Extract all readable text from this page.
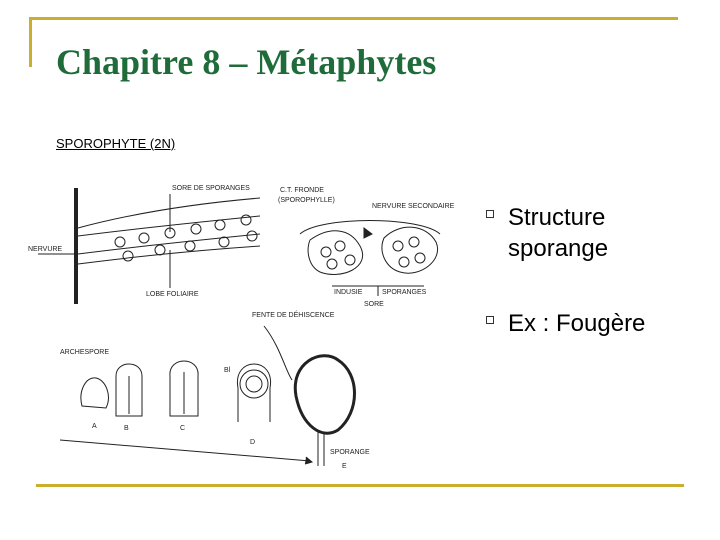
Chapitre 8 – Métaphytes
SPOROPHYTE (2N)
Structure
sporange
Ex : Fougère
SORE DE SPORANGES
NERVURE
LOBE FOLIAIRE
C.T. FRONDE
(SPOROPHYLLE)
NERVURE SECONDAIRE
INDUSIE	SPORANGES
SORE
FENTE DE DÉHISCENCE
ARCHESPORE
A	B	C
Bl
D
SPORANGE
E
